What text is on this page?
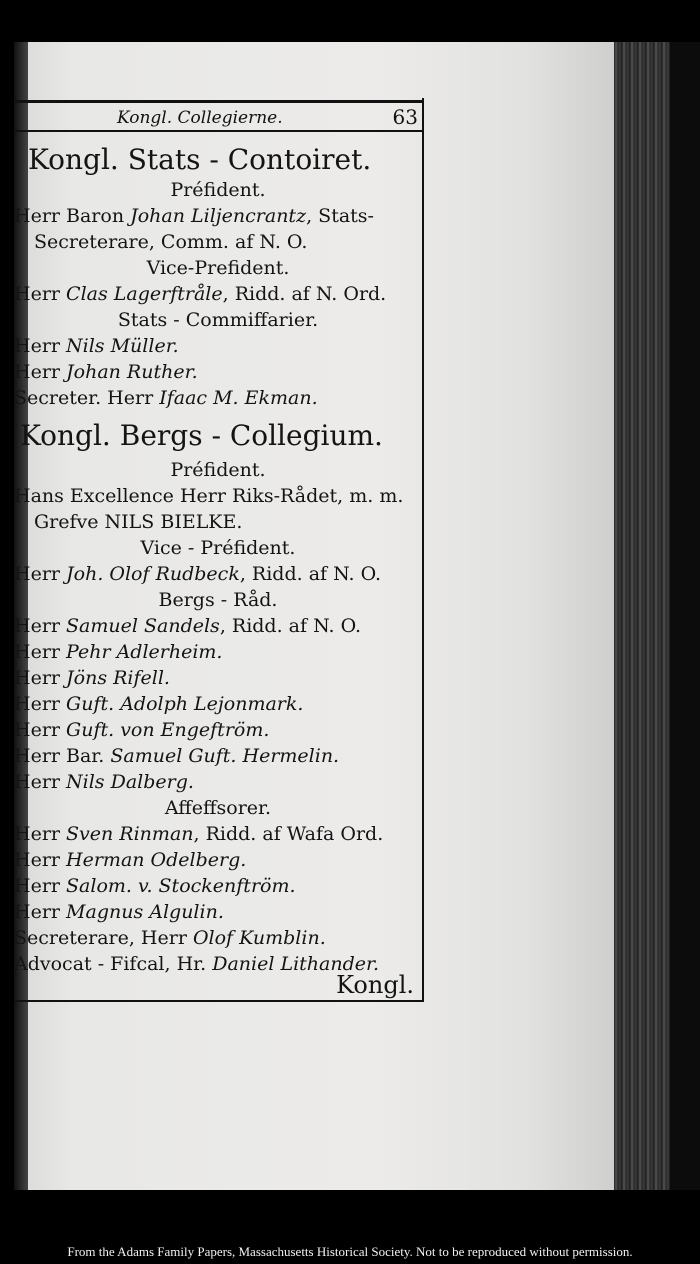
Kongl. Collegierne.	63
Kongl. Stats - Contoiret.
Préfident.
Herr Baron Johan Liljencrantz, Stats-
Secreterare, Comm. af N. O.
Vice-Prefident.
Herr Clas Lagerftråle, Ridd. af N. Ord.
Stats - Commiffarier.
Herr Nils Müller.
Herr Johan Ruther.
Secreter. Herr Ifaac M. Ekman.
Kongl. Bergs - Collegium.
Préfident.
Hans Excellence Herr Riks-Rådet, m. m.
Grefve NILS BIELKE.
Vice - Préfident.
Herr Joh. Olof Rudbeck, Ridd. af N. O.
Bergs - Råd.
Herr Samuel Sandels, Ridd. af N. O.
Herr Pehr Adlerheim.
Herr Jöns Rifell.
Herr Guft. Adolph Lejonmark.
Herr Guft. von Engeftröm.
Herr Bar. Samuel Guft. Hermelin.
Herr Nils Dalberg.
Affeffsorer.
Herr Sven Rinman, Ridd. af Wafa Ord.
Herr Herman Odelberg.
Herr Salom. v. Stockenftröm.
Herr Magnus Algulin.
Secreterare, Herr Olof Kumblin.
Advocat - Fifcal, Hr. Daniel Lithander.
Kongl.
From the Adams Family Papers, Massachusetts Historical Society. Not to be reproduced without permission.
